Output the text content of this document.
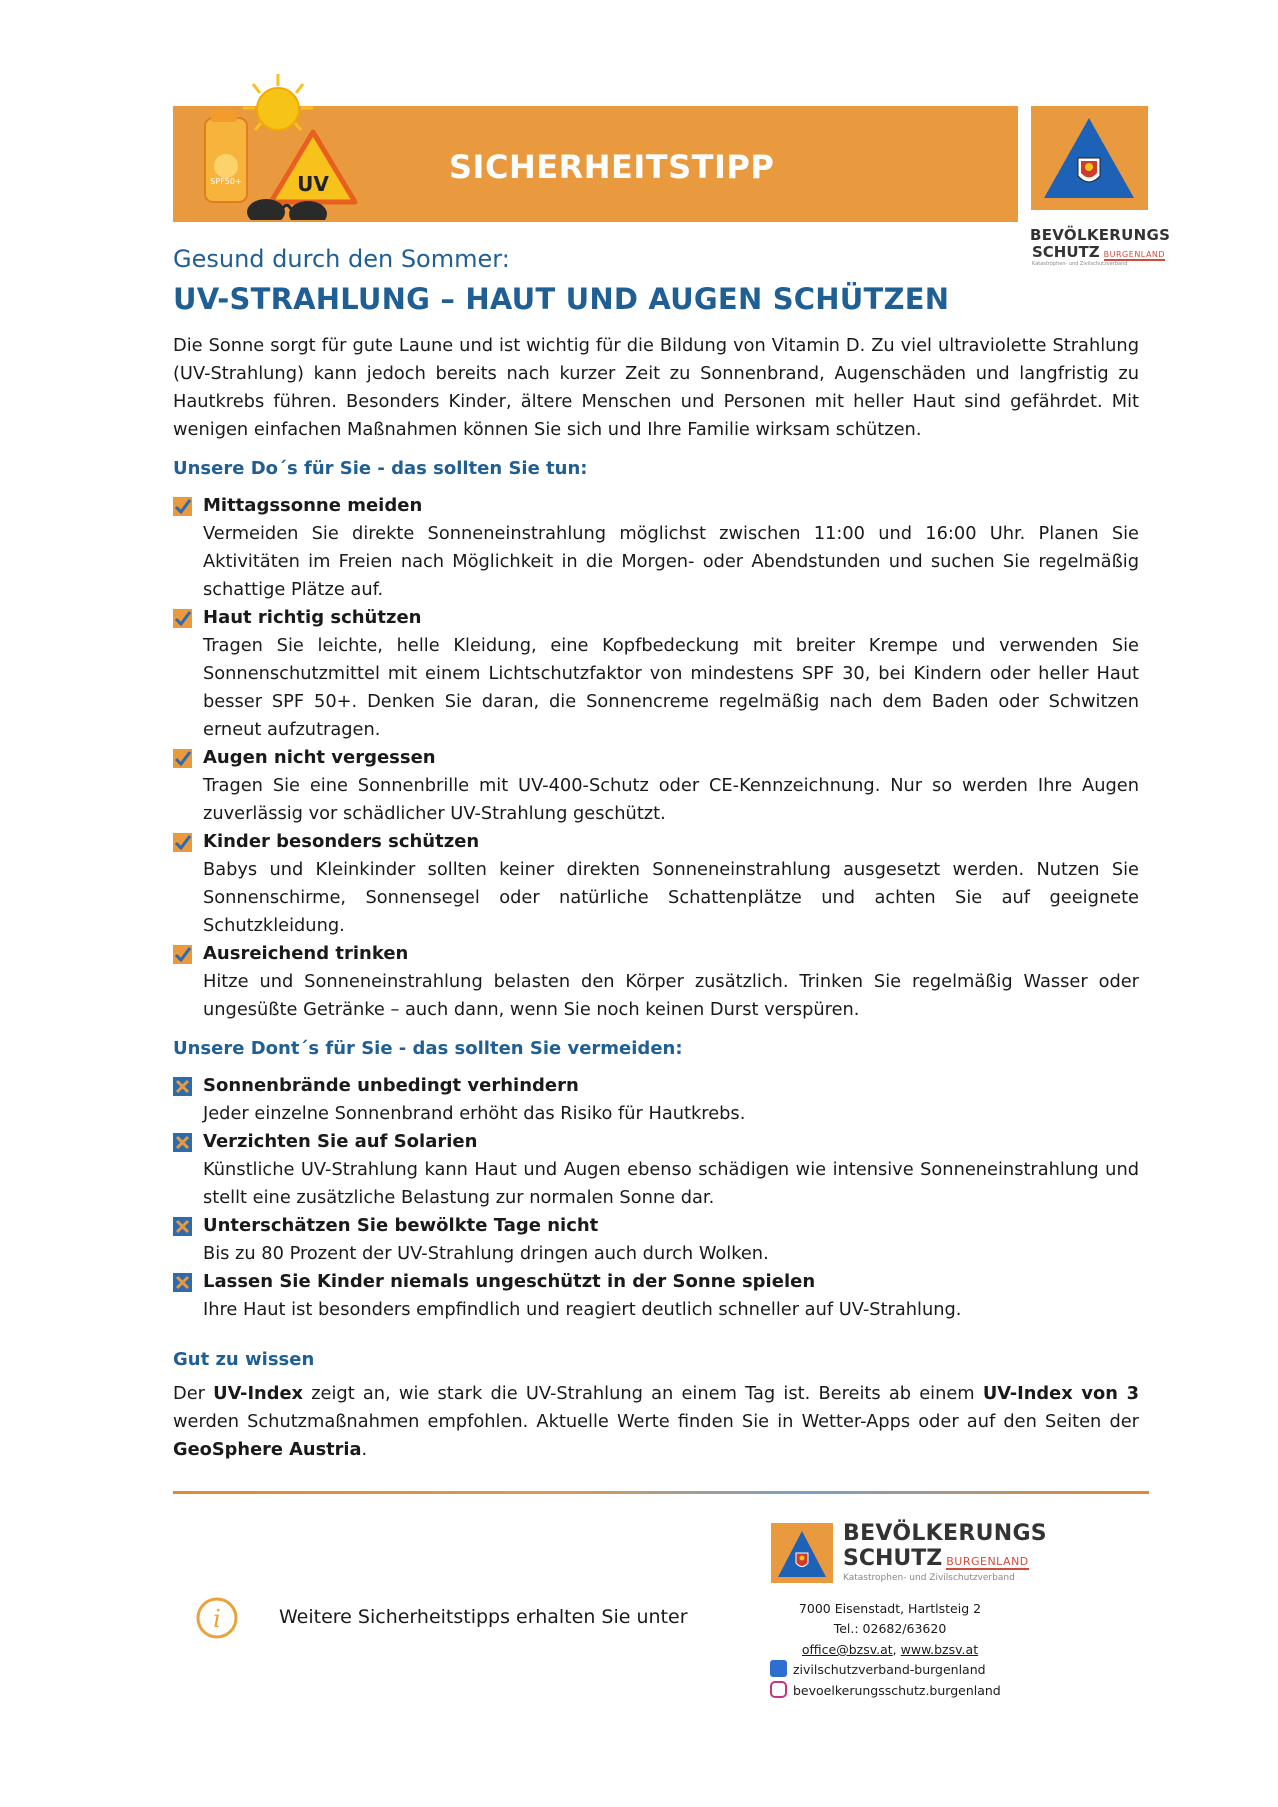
SPF50+	UV	SICHERHEITSTIPP
BEVÖLKERUNGS
SCHUTZ BURGENLAND
Katastrophen- und Zivilschutzverband
Gesund durch den Sommer:
UV-STRAHLUNG – HAUT UND AUGEN SCHÜTZEN
Die Sonne sorgt für gute Laune und ist wichtig für die Bildung von Vitamin D. Zu viel ultraviolette Strahlung (UV-Strahlung) kann jedoch bereits nach kurzer Zeit zu Sonnenbrand, Augenschäden und langfristig zu Hautkrebs führen. Besonders Kinder, ältere Menschen und Personen mit heller Haut sind gefährdet. Mit wenigen einfachen Maßnahmen können Sie sich und Ihre Familie wirksam schützen.
Unsere Do´s für Sie - das sollten Sie tun:
Mittagssonne meiden
Vermeiden Sie direkte Sonneneinstrahlung möglichst zwischen 11:00 und 16:00 Uhr. Planen Sie Aktivitäten im Freien nach Möglichkeit in die Morgen- oder Abendstunden und suchen Sie regelmäßig schattige Plätze auf.
Haut richtig schützen
Tragen Sie leichte, helle Kleidung, eine Kopfbedeckung mit breiter Krempe und verwenden Sie Sonnenschutzmittel mit einem Lichtschutzfaktor von mindestens SPF 30, bei Kindern oder heller Haut besser SPF 50+. Denken Sie daran, die Sonnencreme regelmäßig nach dem Baden oder Schwitzen erneut aufzutragen.
Augen nicht vergessen
Tragen Sie eine Sonnenbrille mit UV-400-Schutz oder CE-Kennzeichnung. Nur so werden Ihre Augen zuverlässig vor schädlicher UV-Strahlung geschützt.
Kinder besonders schützen
Babys und Kleinkinder sollten keiner direkten Sonneneinstrahlung ausgesetzt werden. Nutzen Sie Sonnenschirme, Sonnensegel oder natürliche Schattenplätze und achten Sie auf geeignete Schutzkleidung.
Ausreichend trinken
Hitze und Sonneneinstrahlung belasten den Körper zusätzlich. Trinken Sie regelmäßig Wasser oder ungesüßte Getränke – auch dann, wenn Sie noch keinen Durst verspüren.
Unsere Dont´s für Sie - das sollten Sie vermeiden:
Sonnenbrände unbedingt verhindern
Jeder einzelne Sonnenbrand erhöht das Risiko für Hautkrebs.
Verzichten Sie auf Solarien
Künstliche UV-Strahlung kann Haut und Augen ebenso schädigen wie intensive Sonneneinstrahlung und stellt eine zusätzliche Belastung zur normalen Sonne dar.
Unterschätzen Sie bewölkte Tage nicht
Bis zu 80 Prozent der UV-Strahlung dringen auch durch Wolken.
Lassen Sie Kinder niemals ungeschützt in der Sonne spielen
Ihre Haut ist besonders empfindlich und reagiert deutlich schneller auf UV-Strahlung.
Gut zu wissen
Der UV-Index zeigt an, wie stark die UV-Strahlung an einem Tag ist. Bereits ab einem UV-Index von 3 werden Schutzmaßnahmen empfohlen. Aktuelle Werte finden Sie in Wetter-Apps oder auf den Seiten der GeoSphere Austria.
i	Weitere Sicherheitstipps erhalten Sie unter
BEVÖLKERUNGS
SCHUTZ BURGENLAND
Katastrophen- und Zivilschutzverband
7000 Eisenstadt, Hartlsteig 2
Tel.: 02682/63620
office@bzsv.at, www.bzsv.at
zivilschutzverband-burgenland
bevoelkerungsschutz.burgenland
